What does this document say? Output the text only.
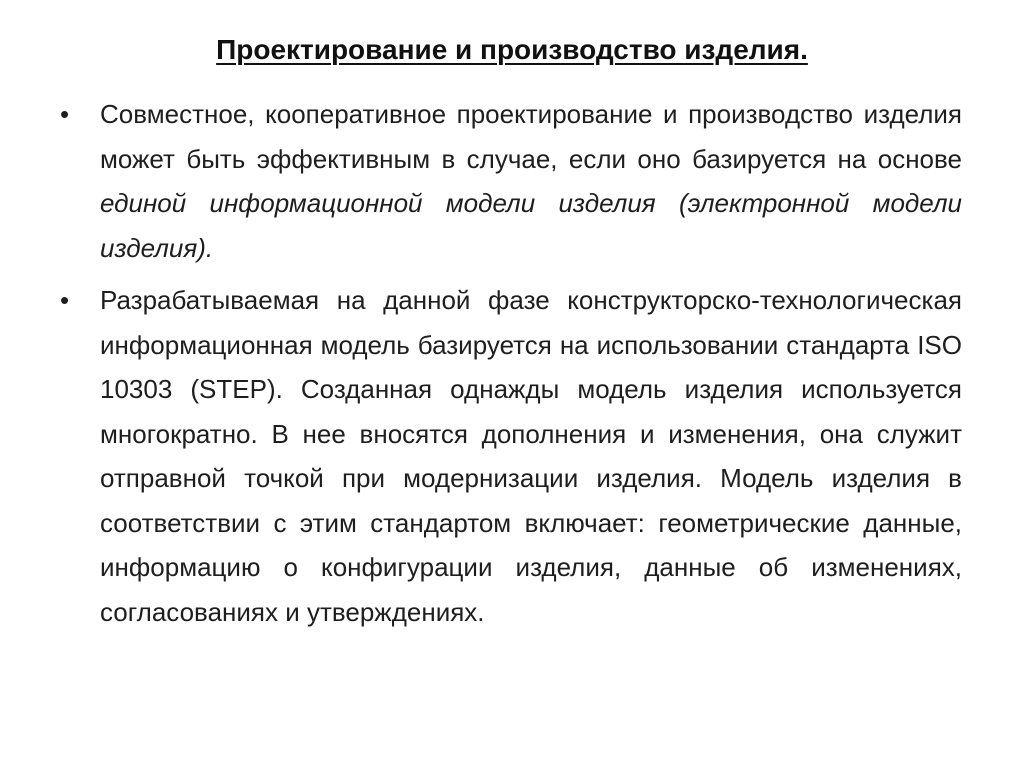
Проектирование и производство изделия.
• Совместное, кооперативное проектирование и производство изделия может быть эффективным в случае, если оно базируется на основе единой информационной модели изделия (электронной модели изделия).
• Разрабатываемая на данной фазе конструкторско-технологическая информационная модель базируется на использовании стандарта ISO 10303 (STEP). Созданная однажды модель изделия используется многократно. В нее вносятся дополнения и изменения, она служит отправной точкой при модернизации изделия. Модель изделия в соответствии с этим стандартом включает: геометрические данные, информацию о конфигурации изделия, данные об изменениях, согласованиях и утверждениях.
